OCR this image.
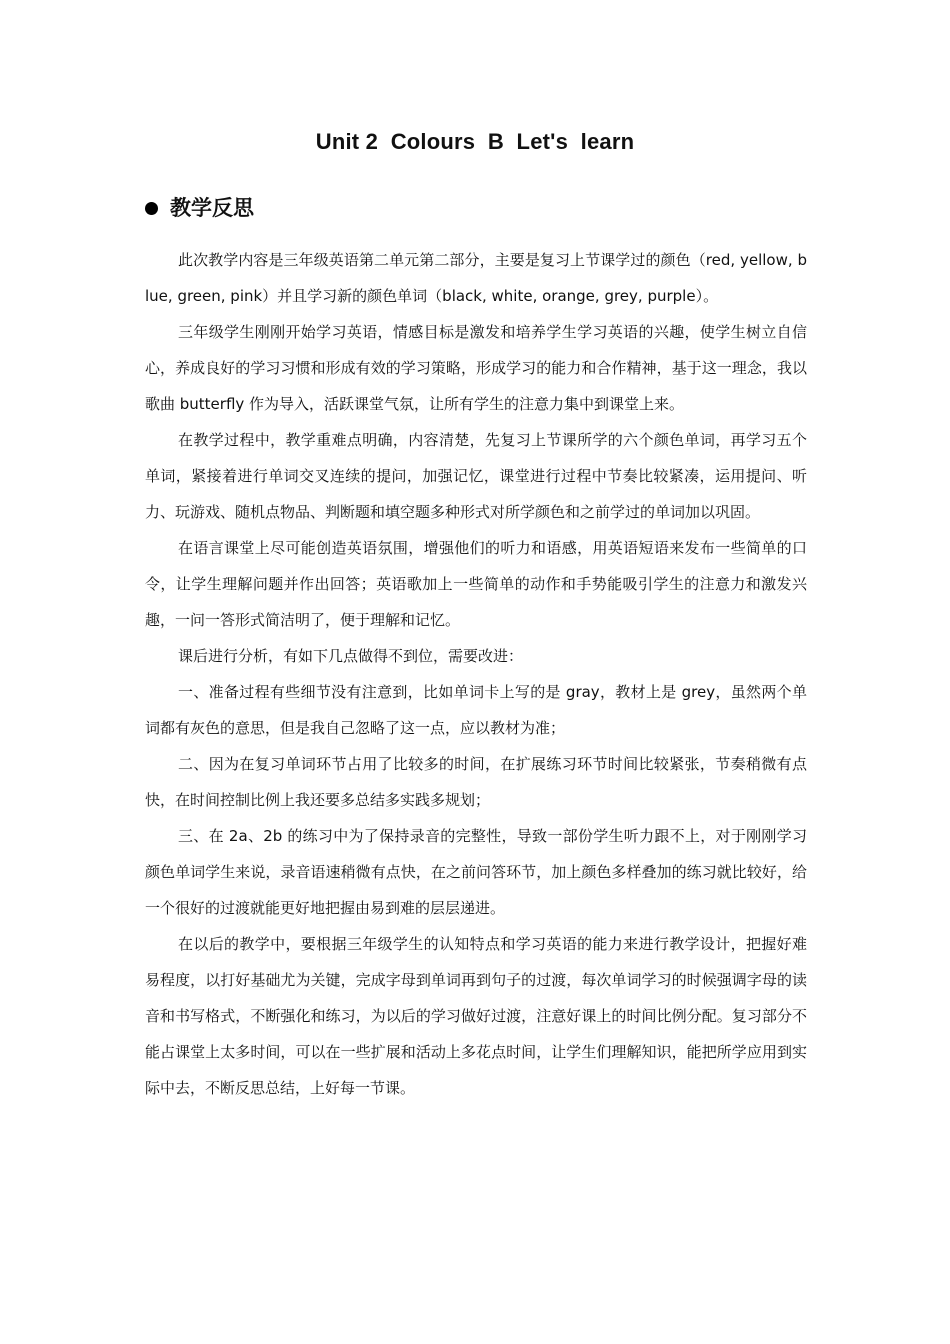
Unit 2  Colours  B  Let's  learn
教学反思

此次教学内容是三年级英语第二单元第二部分，主要是复习上节课学过的颜色（red, yellow, blue, green, pink）并且学习新的颜色单词（black, white, orange, grey, purple）。

三年级学生刚刚开始学习英语，情感目标是激发和培养学生学习英语的兴趣，使学生树立自信心，养成良好的学习习惯和形成有效的学习策略，形成学习的能力和合作精神，基于这一理念，我以歌曲 butterfly 作为导入，活跃课堂气氛，让所有学生的注意力集中到课堂上来。

在教学过程中，教学重难点明确，内容清楚，先复习上节课所学的六个颜色单词，再学习五个单词，紧接着进行单词交叉连续的提问，加强记忆，课堂进行过程中节奏比较紧凑，运用提问、听力、玩游戏、随机点物品、判断题和填空题多种形式对所学颜色和之前学过的单词加以巩固。

在语言课堂上尽可能创造英语氛围，增强他们的听力和语感，用英语短语来发布一些简单的口令，让学生理解问题并作出回答；英语歌加上一些简单的动作和手势能吸引学生的注意力和激发兴趣，一问一答形式简洁明了，便于理解和记忆。

课后进行分析，有如下几点做得不到位，需要改进：

一、准备过程有些细节没有注意到，比如单词卡上写的是 gray，教材上是 grey，虽然两个单词都有灰色的意思，但是我自己忽略了这一点，应以教材为准；

二、因为在复习单词环节占用了比较多的时间，在扩展练习环节时间比较紧张，节奏稍微有点快，在时间控制比例上我还要多总结多实践多规划；

三、在 2a、2b 的练习中为了保持录音的完整性，导致一部份学生听力跟不上，对于刚刚学习颜色单词学生来说，录音语速稍微有点快，在之前问答环节，加上颜色多样叠加的练习就比较好，给一个很好的过渡就能更好地把握由易到难的层层递进。

在以后的教学中，要根据三年级学生的认知特点和学习英语的能力来进行教学设计，把握好难易程度，以打好基础尤为关键，完成字母到单词再到句子的过渡，每次单词学习的时候强调字母的读音和书写格式，不断强化和练习，为以后的学习做好过渡，注意好课上的时间比例分配。复习部分不能占课堂上太多时间，可以在一些扩展和活动上多花点时间，让学生们理解知识，能把所学应用到实际中去，不断反思总结，上好每一节课。
